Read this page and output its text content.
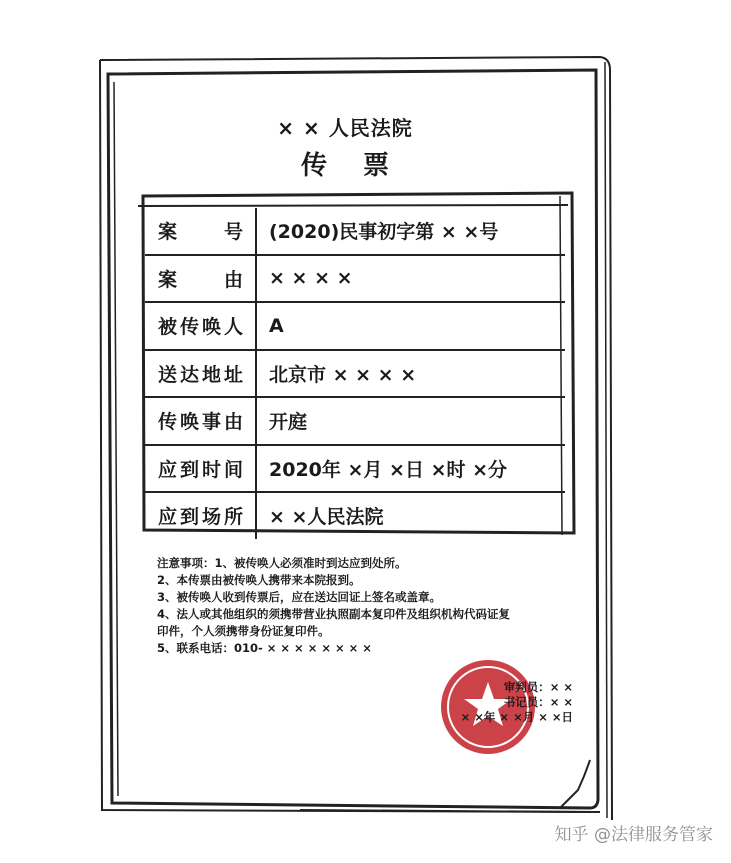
× × 人民法院
传票
案号	(2020)民事初字第 × ×号
案由	× × × ×
被传唤人	A
送达地址	北京市 × × × ×
传唤事由	开庭
应到时间	2020年 ×月 ×日 ×时 ×分
应到场所	× ×人民法院
注意事项：1、被传唤人必须准时到达应到处所。
2、本传票由被传唤人携带来本院报到。
3、被传唤人收到传票后，应在送达回证上签名或盖章。
4、法人或其他组织的须携带营业执照副本复印件及组织机构代码证复
印件，个人须携带身份证复印件。
5、联系电话：010- × × × × × × × ×
审判员：× ×
书记员：× ×
× ×年 × ×月 × ×日
知乎 @法律服务管家
